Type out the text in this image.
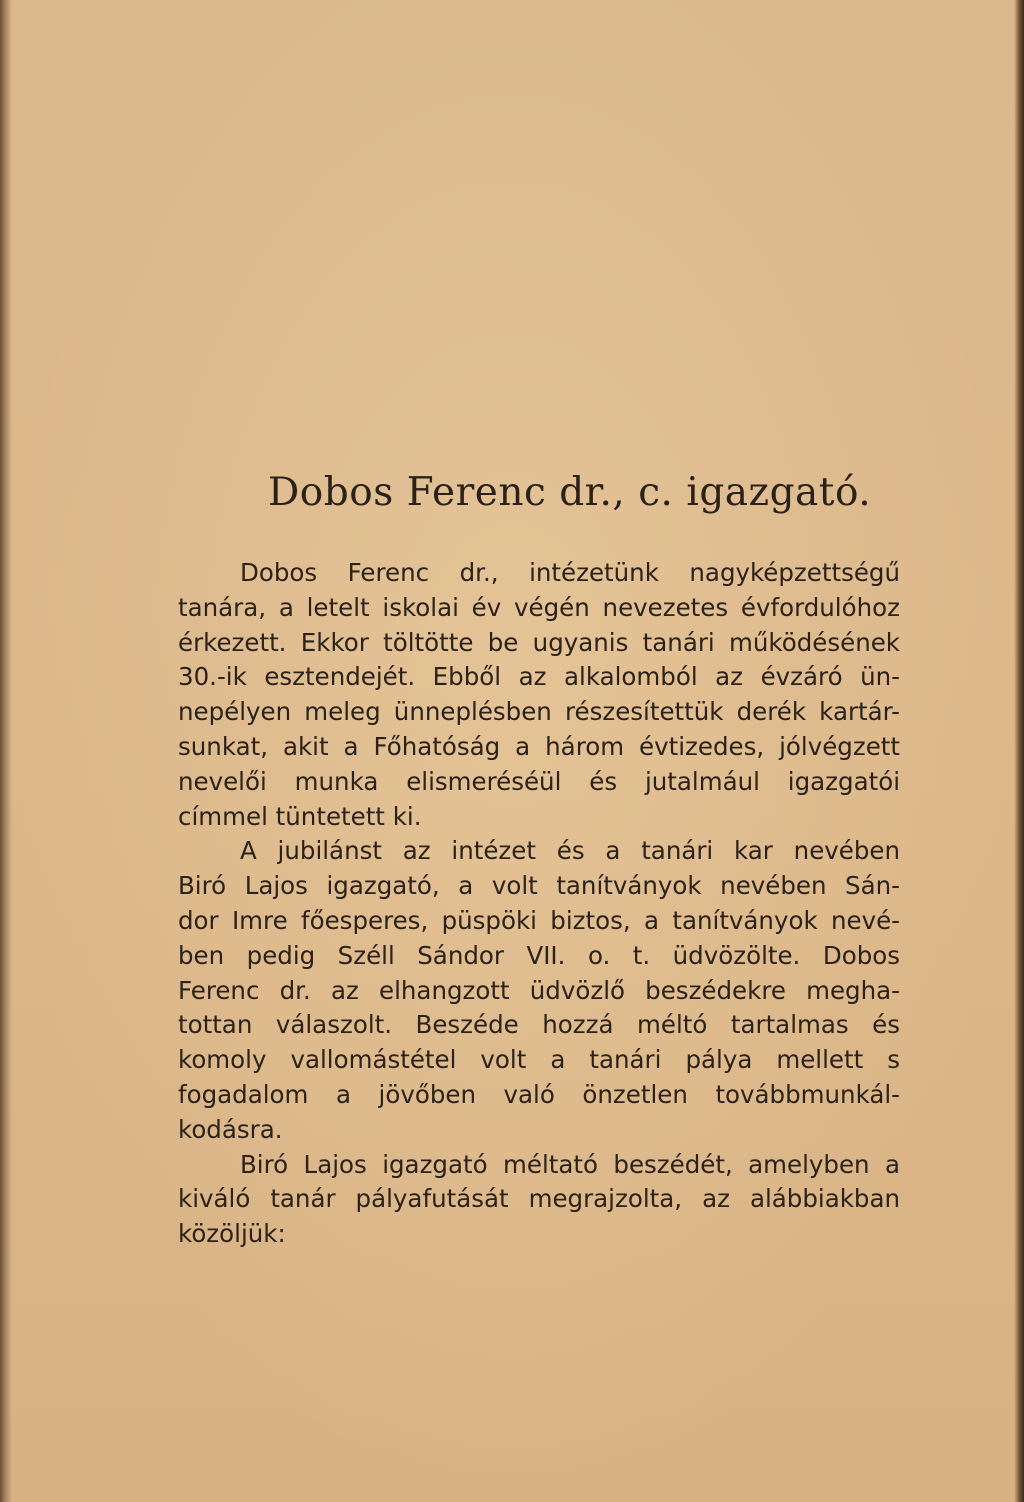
Dobos Ferenc dr., c. igazgató.
Dobos Ferenc dr., intézetünk nagyképzettségű
tanára, a letelt iskolai év végén nevezetes évfordulóhoz
érkezett. Ekkor töltötte be ugyanis tanári működésének
30.-ik esztendejét. Ebből az alkalomból az évzáró ün-
nepélyen meleg ünneplésben részesítettük derék kartár-
sunkat, akit a Főhatóság a három évtizedes, jólvégzett
nevelői munka elismeréséül és jutalmául igazgatói
címmel tüntetett ki.
A jubilánst az intézet és a tanári kar nevében
Biró Lajos igazgató, a volt tanítványok nevében Sán-
dor Imre főesperes, püspöki biztos, a tanítványok nevé-
ben pedig Széll Sándor VII. o. t. üdvözölte. Dobos
Ferenc dr. az elhangzott üdvözlő beszédekre megha-
tottan válaszolt. Beszéde hozzá méltó tartalmas és
komoly vallomástétel volt a tanári pálya mellett s
fogadalom a jövőben való önzetlen továbbmunkál-
kodásra.
Biró Lajos igazgató méltató beszédét, amelyben a
kiváló tanár pályafutását megrajzolta, az alábbiakban
közöljük:
